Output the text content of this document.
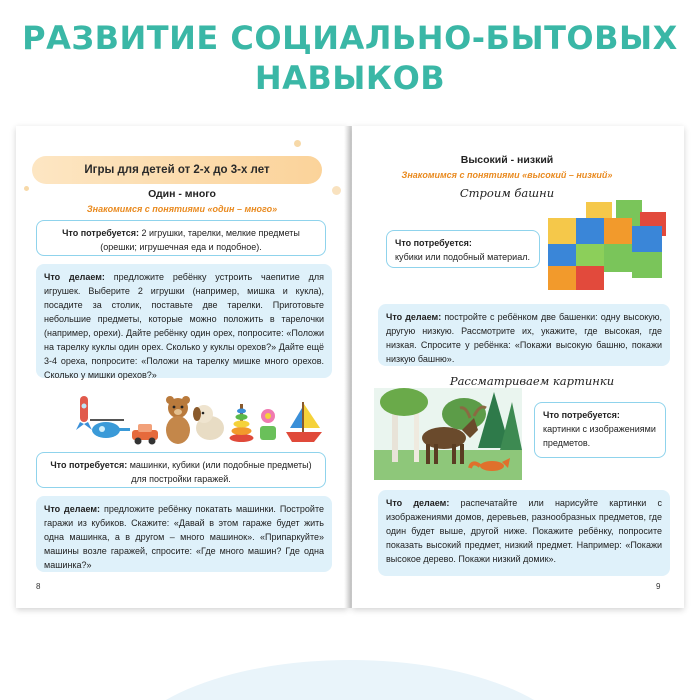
РАЗВИТИЕ СОЦИАЛЬНО-БЫТОВЫХ
НАВЫКОВ
Игры для детей от 2-х до 3-х лет
Один - много
Знакомимся с понятиями «один – много»
Что потребуется: 2 игрушки, тарелки, мелкие предметы (орешки; игрушечная еда и подобное).
Что делаем: предложите ребёнку устроить чаепитие для игрушек. Выберите 2 игрушки (например, мишка и кукла), посадите за столик, поставьте две тарелки. Приготовьте небольшие предметы, которые можно положить в тарелочки (например, орехи). Дайте ребёнку один орех, попросите: «Положи на тарелку куклы один орех. Сколько у куклы орехов?» Дайте ещё 3-4 ореха, попросите: «Положи на тарелку мишке много орехов. Сколько у мишки орехов?»
Что потребуется: машинки, кубики (или подобные предметы) для постройки гаражей.
Что делаем: предложите ребёнку покатать машинки. Постройте гаражи из кубиков. Скажите: «Давай в этом гараже будет жить одна машинка, а в другом – много машинок». «Припаркуйте» машины возле гаражей, спросите: «Где много машин? Где одна машинка?»
8
Высокий - низкий
Знакомимся с понятиями «высокий – низкий»
Строим башни
Что потребуется:
кубики или подобный материал.
Что делаем: постройте с ребёнком две башенки: одну высокую, другую низкую. Рассмотрите их, укажите, где высокая, где низкая. Спросите у ребёнка: «Покажи высокую башню, покажи низкую башню».
Рассматриваем картинки
Что потребуется:
картинки с изображениями предметов.
Что делаем: распечатайте или нарисуйте картинки с изображениями домов, деревьев, разнообразных предметов, где один будет выше, другой ниже. Покажите ребёнку, попросите показать высокий предмет, низкий предмет. Например: «Покажи высокое дерево. Покажи низкий домик».
9
